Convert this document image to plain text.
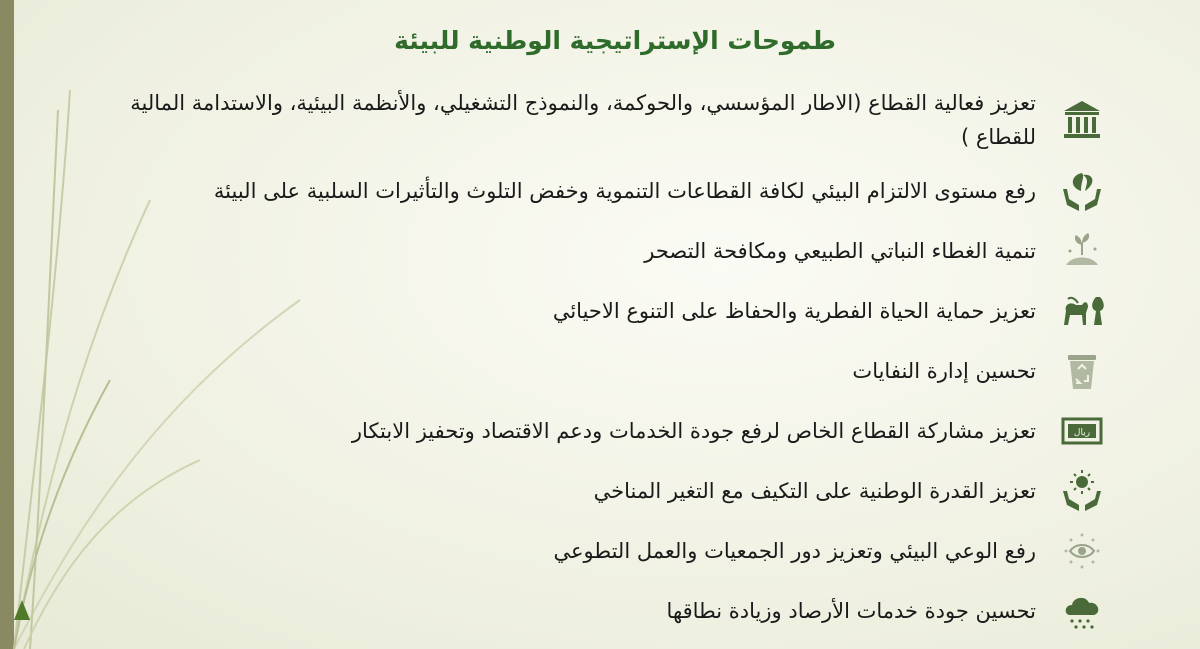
طموحات الإستراتيجية الوطنية للبيئة
تعزيز فعالية القطاع (الاطار المؤسسي، والحوكمة، والنموذج التشغيلي، والأنظمة البيئية، والاستدامة المالية للقطاع )
رفع مستوى الالتزام البيئي لكافة القطاعات التنموية وخفض التلوث والتأثيرات السلبية على البيئة
تنمية الغطاء النباتي الطبيعي ومكافحة التصحر
تعزيز حماية الحياة الفطرية والحفاظ على التنوع الاحيائي
تحسين إدارة النفايات
ريال
تعزيز مشاركة القطاع الخاص لرفع جودة الخدمات ودعم الاقتصاد وتحفيز الابتكار
تعزيز القدرة الوطنية على التكيف مع التغير المناخي
رفع الوعي البيئي وتعزيز دور الجمعيات والعمل التطوعي
تحسين جودة خدمات الأرصاد وزيادة نطاقها
